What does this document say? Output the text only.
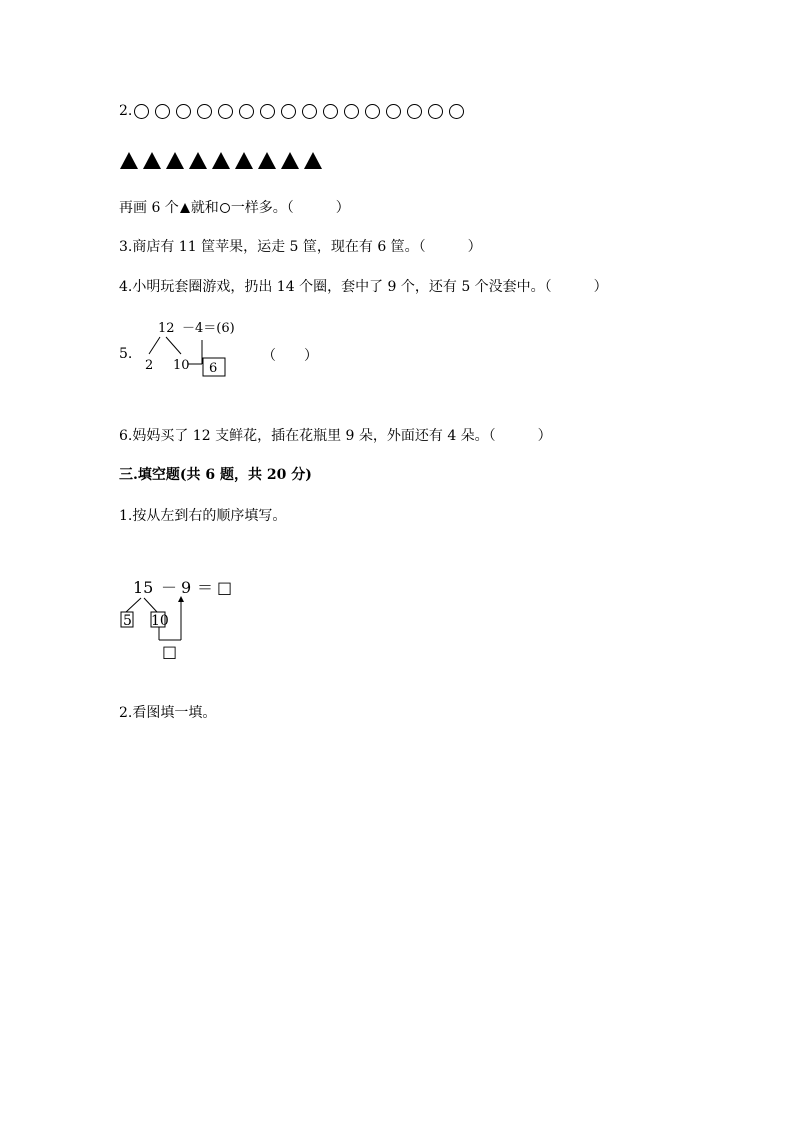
2.
再画 6 个 就和 一样多。（　　　）
3.商店有 11 筐苹果，运走 5 筐，现在有 6 筐。（　　　）
4.小明玩套圈游戏，扔出 14 个圈，套中了 9 个，还有 5 个没套中。（　　　）
5.
12 －4＝(6)
2 10 6
（　　）
6.妈妈买了 12 支鲜花，插在花瓶里 9 朵，外面还有 4 朵。（　　　）
三.填空题(共 6 题，共 20 分)
1.按从左到右的顺序填写。
15 － 9 ＝ □
5 10
□
2.看图填一填。
